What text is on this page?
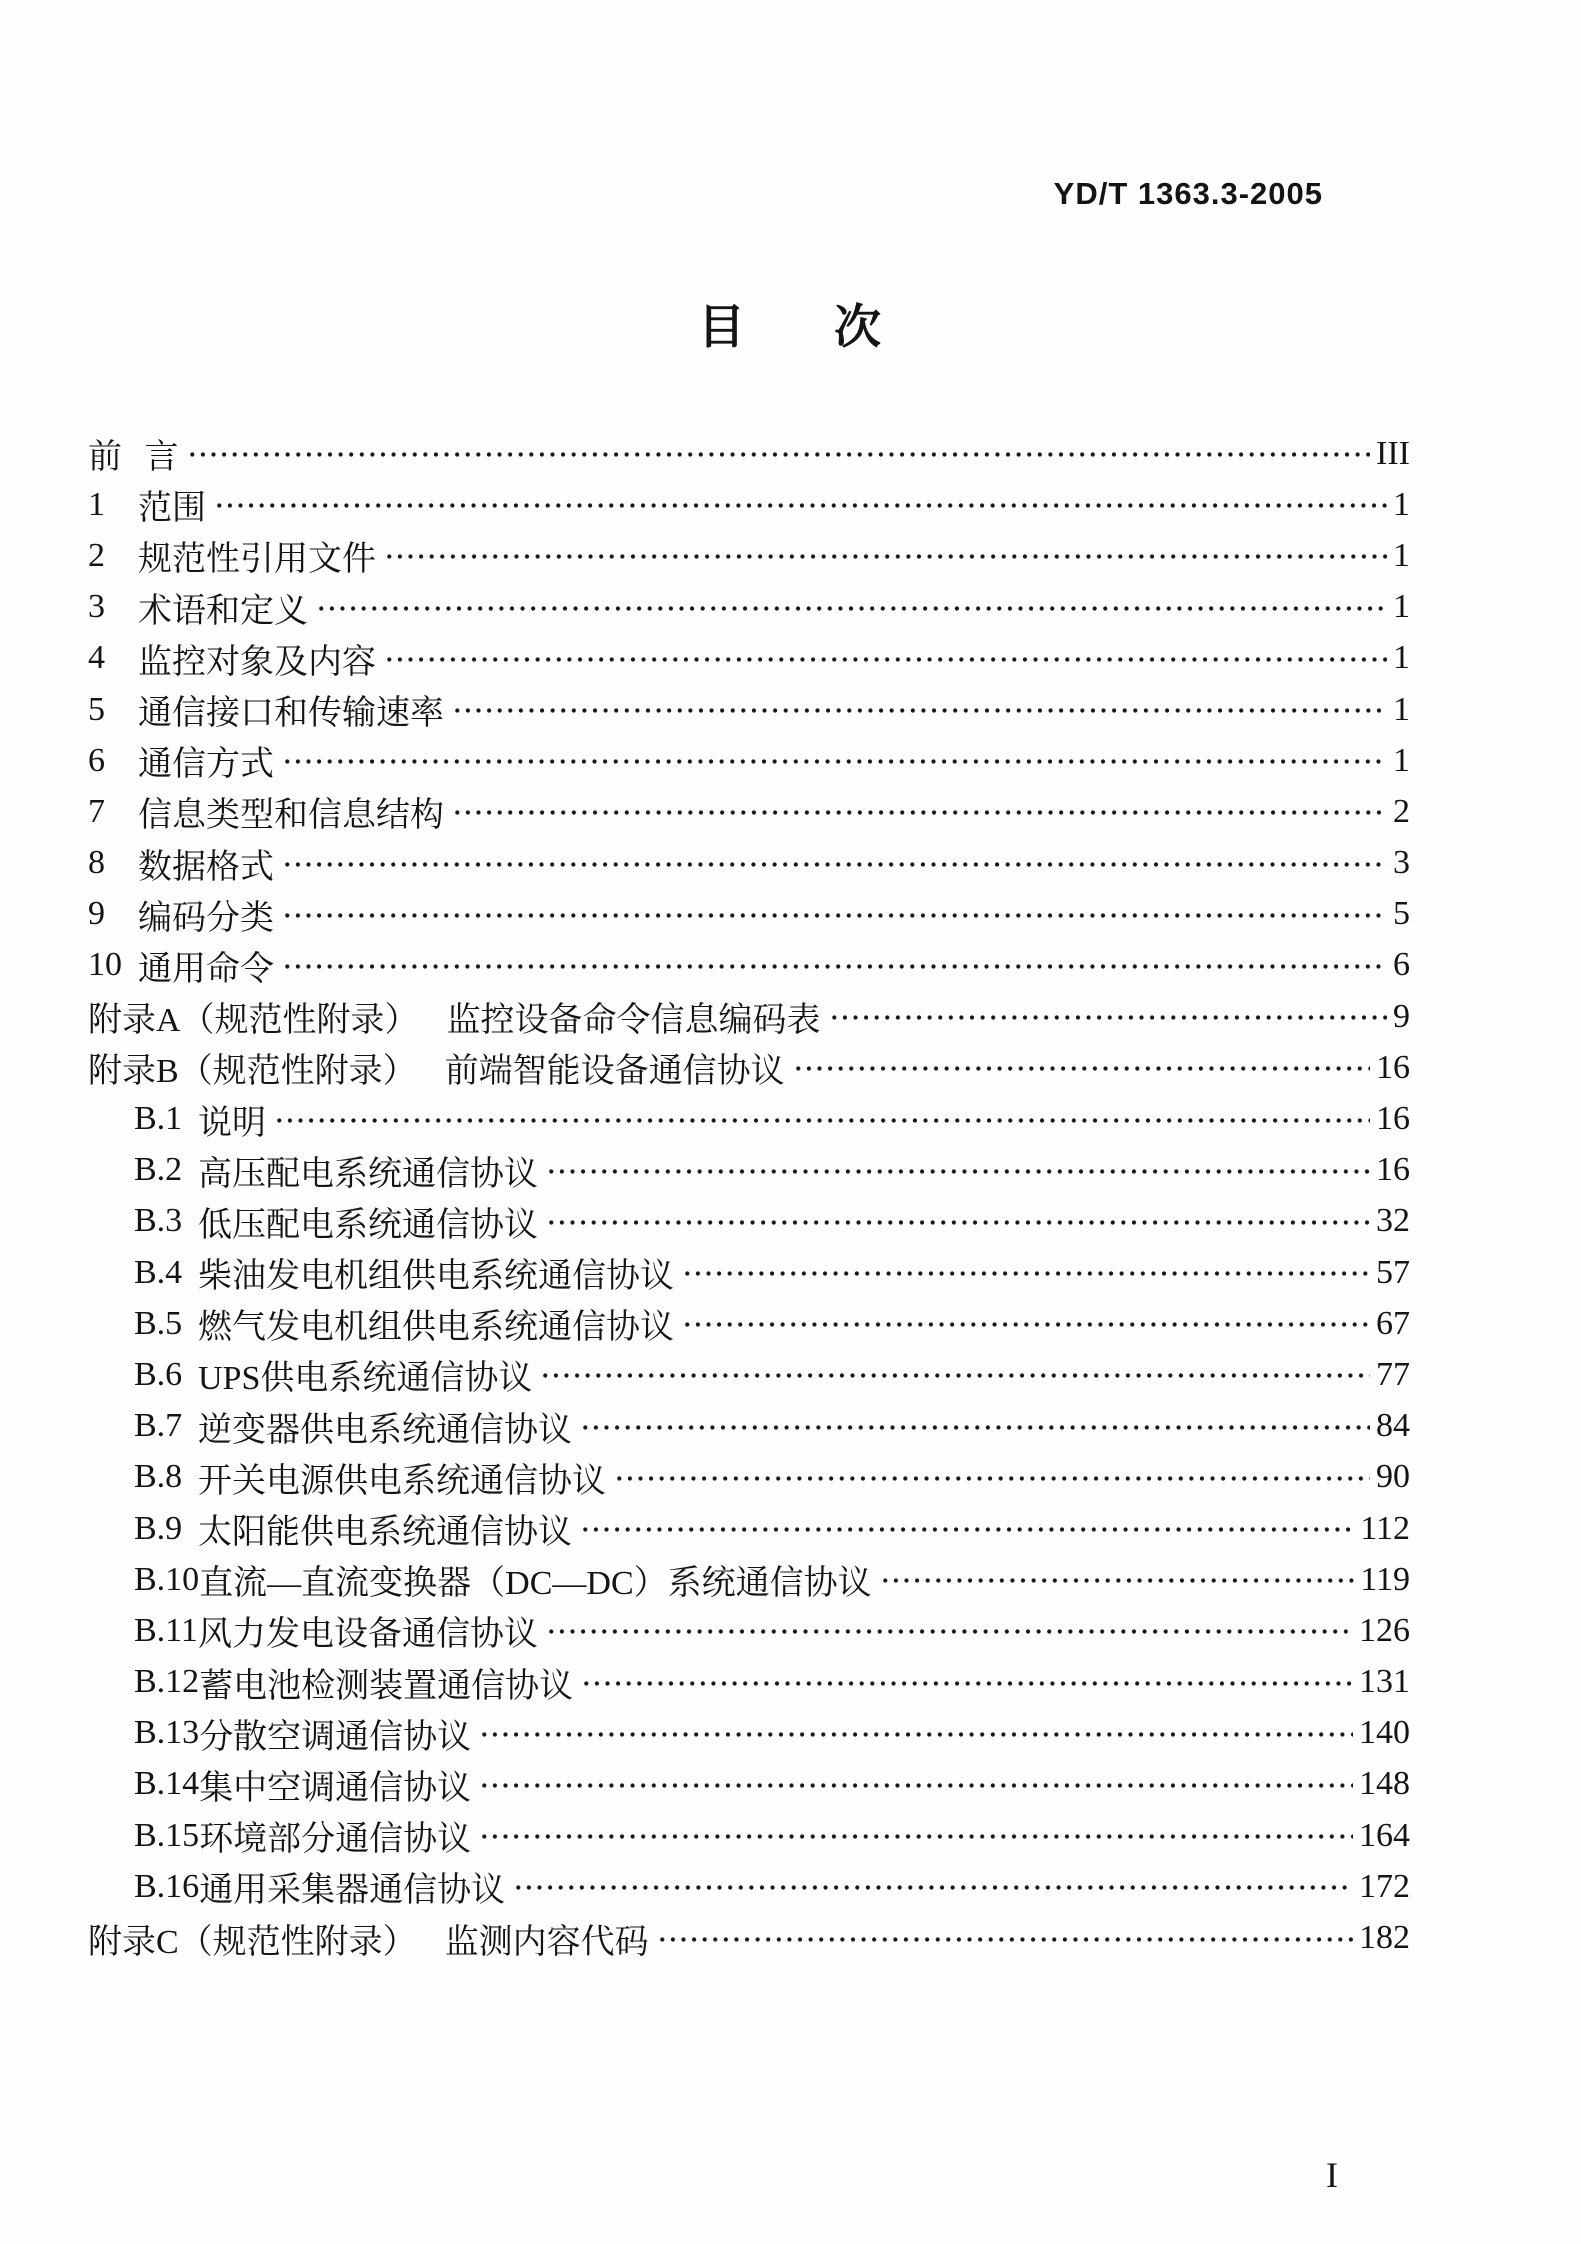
YD/T 1363.3-2005
目 次
前 言	III
1 范围	1
2 规范性引用文件	1
3 术语和定义	1
4 监控对象及内容	1
5 通信接口和传输速率	1
6 通信方式	1
7 信息类型和信息结构	2
8 数据格式	3
9 编码分类	5
10 通用命令	6
附录A（规范性附录） 监控设备命令信息编码表	9
附录B（规范性附录） 前端智能设备通信协议	16
B.1 说明	16
B.2 高压配电系统通信协议	16
B.3 低压配电系统通信协议	32
B.4 柴油发电机组供电系统通信协议	57
B.5 燃气发电机组供电系统通信协议	67
B.6 UPS供电系统通信协议	77
B.7 逆变器供电系统通信协议	84
B.8 开关电源供电系统通信协议	90
B.9 太阳能供电系统通信协议	112
B.10 直流—直流变换器（DC—DC）系统通信协议	119
B.11 风力发电设备通信协议	126
B.12 蓄电池检测装置通信协议	131
B.13 分散空调通信协议	140
B.14 集中空调通信协议	148
B.15 环境部分通信协议	164
B.16 通用采集器通信协议	172
附录C（规范性附录） 监测内容代码	182
I
